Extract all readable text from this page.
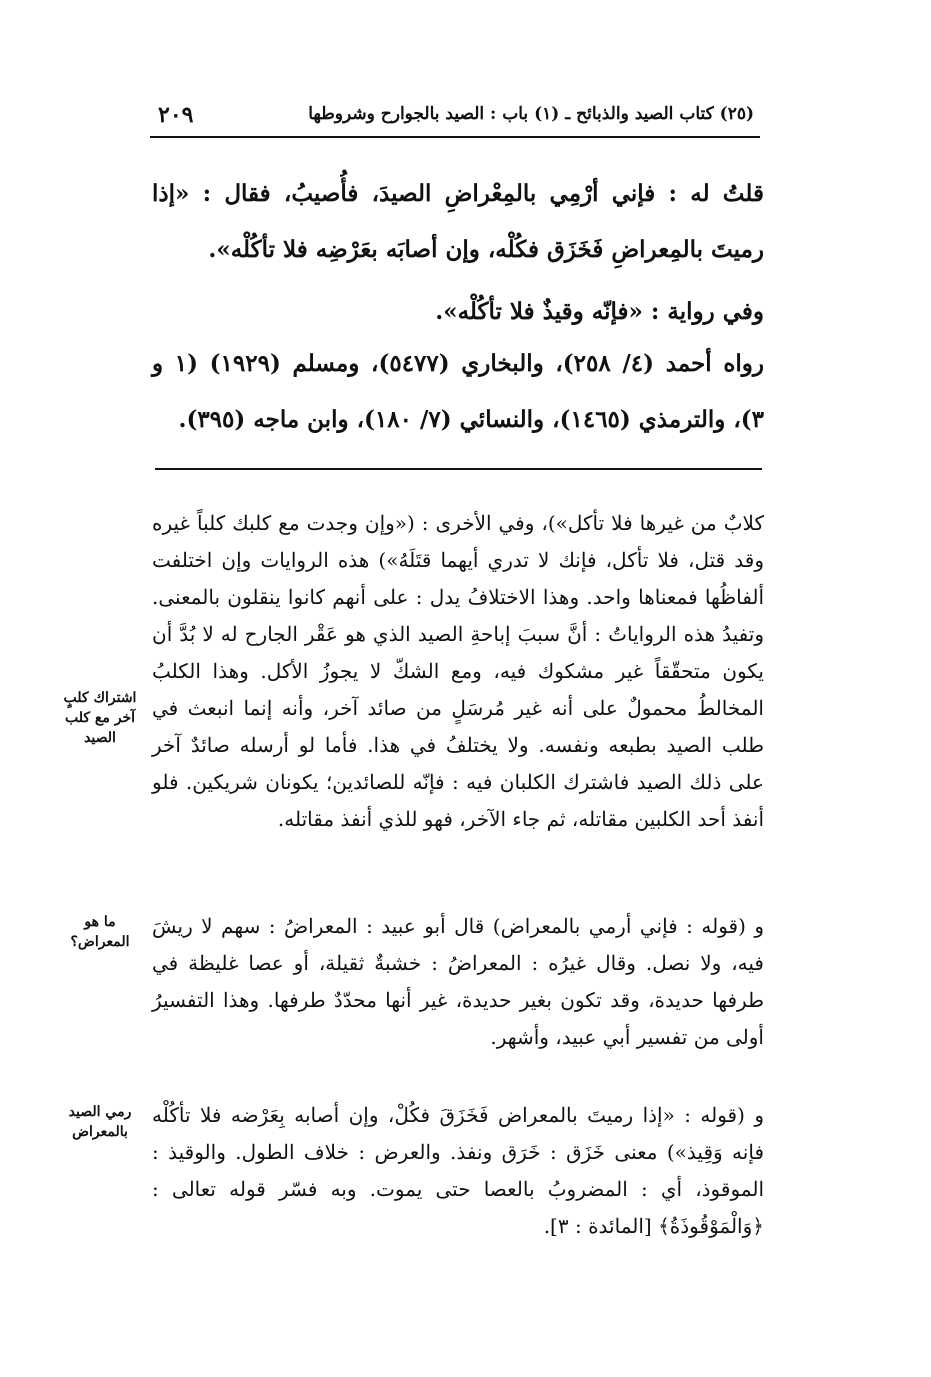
٢٠٩	(٢٥) كتاب الصيد والذبائح ـ (١) باب : الصيد بالجوارح وشروطها

قلتُ له : فإني أرْمِي بالمِعْراضِ الصيدَ، فأُصيبُ، فقال : «إذا رميتَ بالمِعراضِ فَخَزَق فكُلْه، وإن أصابَه بعَرْضِه فلا تأكُلْه».

وفي رواية : «فإنّه وقيذٌ فلا تأكُلْه».

رواه أحمد (٤/ ٢٥٨)، والبخاري (٥٤٧٧)، ومسلم (١٩٢٩) (١ و ٣)، والترمذي (١٤٦٥)، والنسائي (٧/ ١٨٠)، وابن ماجه (٣٩٥).

كلابٌ من غيرها فلا تأكل»)، وفي الأخرى : («وإن وجدت مع كلبك كلباً غيره وقد قتل، فلا تأكل، فإنك لا تدري أيهما قتَلَهُ») هذه الروايات وإن اختلفت ألفاظُها فمعناها واحد. وهذا الاختلافُ يدل : على أنهم كانوا ينقلون بالمعنى. وتفيدُ هذه الرواياتُ : أنَّ سببَ إباحةِ الصيد الذي هو عَقْر الجارح له لا بُدَّ أن يكون متحقّقاً غير مشكوك فيه، ومع الشكّ لا يجوزُ الأكل. وهذا الكلبُ المخالطُ محمولٌ على أنه غير مُرسَلٍ من صائد آخر، وأنه إنما انبعث في طلب الصيد بطبعه ونفسه. ولا يختلفُ في هذا. فأما لو أرسله صائدٌ آخر على ذلك الصيد فاشترك الكلبان فيه : فإنّه للصائدين؛ يكونان شريكين. فلو أنفذ أحد الكلبين مقاتله، ثم جاء الآخر، فهو للذي أنفذ مقاتله.

و (قوله : فإني أرمي بالمعراض) قال أبو عبيد : المعراضُ : سهم لا ريشَ فيه، ولا نصل. وقال غيرُه : المعراضُ : خشبةٌ ثقيلة، أو عصا غليظة في طرفها حديدة، وقد تكون بغير حديدة، غير أنها محدّدٌ طرفها. وهذا التفسيرُ أولى من تفسير أبي عبيد، وأشهر.

و (قوله : «إذا رميتَ بالمعراض فَخَزَقَ فكُلْ، وإن أصابه بِعَرْضه فلا تأكُلْه فإنه وَقِيذ») معنى خَزَق : خَرَق ونفذ. والعرض : خلاف الطول. والوقيذ : الموقوذ، أي : المضروبُ بالعصا حتى يموت. وبه فسّر قوله تعالى : ﴿وَالْمَوْقُوذَةُ﴾ [المائدة : ٣].

اشتراك كلبٍ آخر مع كلب الصيد
ما هو المعراض؟
رمي الصيد بالمعراض
